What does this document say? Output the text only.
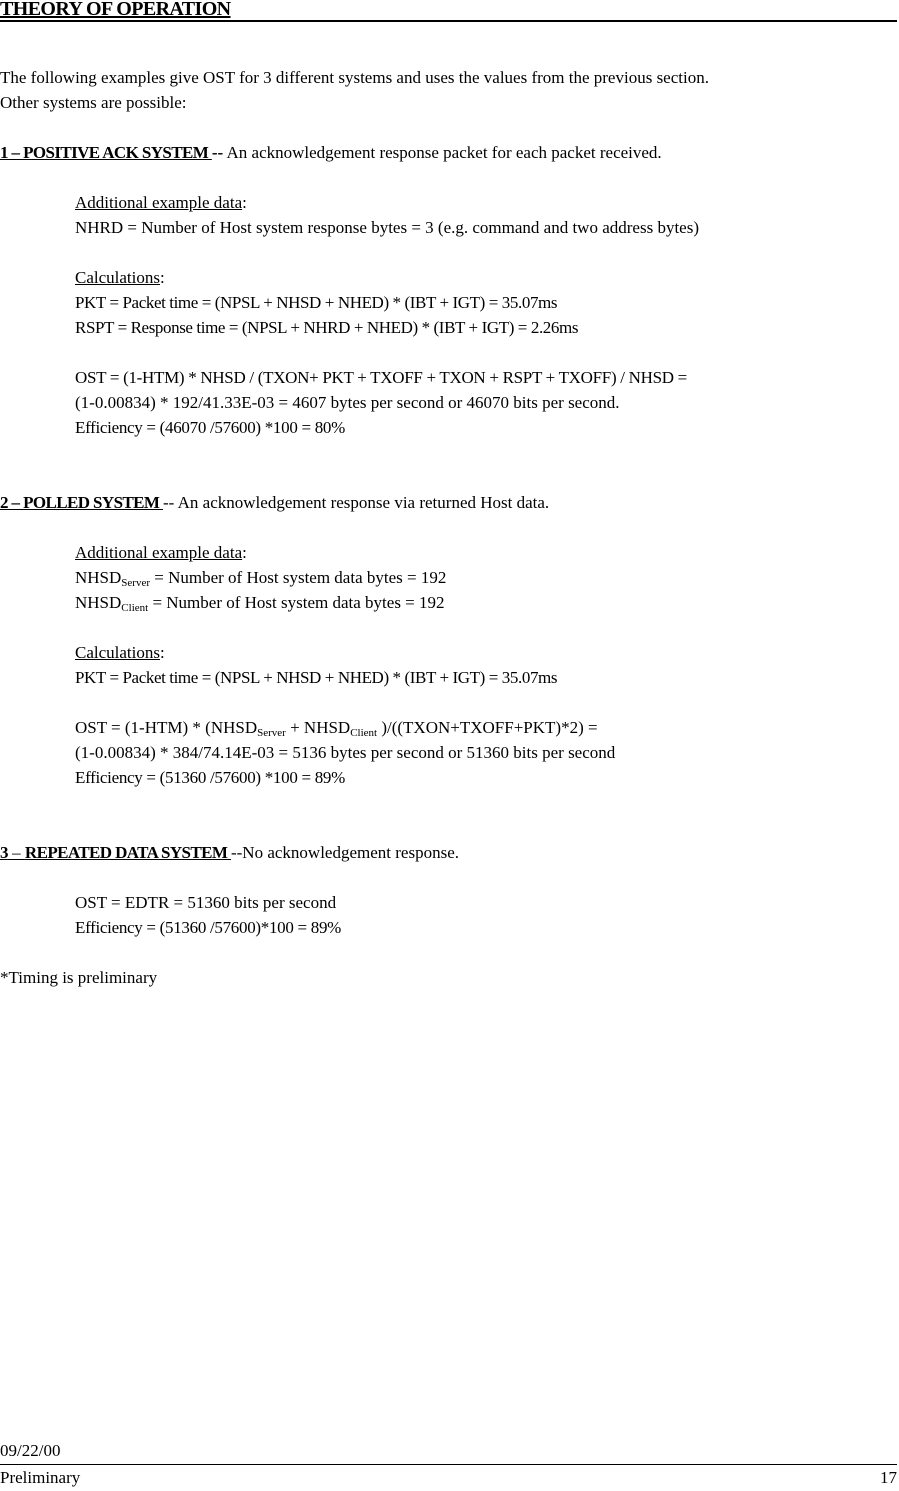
THEORY OF OPERATION
The following examples give OST for 3 different systems and uses the values from the previous section.
Other systems are possible:
1 – POSITIVE ACK SYSTEM -- An acknowledgement response packet for each packet received.
Additional example data:
NHRD = Number of Host system response bytes = 3 (e.g. command and two address bytes)
Calculations:
PKT = Packet time = (NPSL + NHSD + NHED) * (IBT + IGT) = 35.07ms
RSPT = Response time = (NPSL + NHRD + NHED) * (IBT + IGT) = 2.26ms
OST = (1-HTM) * NHSD / (TXON+ PKT + TXOFF + TXON + RSPT + TXOFF) / NHSD =
(1-0.00834) * 192/41.33E-03 = 4607 bytes per second or 46070 bits per second.
Efficiency = (46070 /57600) *100 = 80%
2 – POLLED SYSTEM -- An acknowledgement response via returned Host data.
Additional example data:
$NHSD_{Server}$ = Number of Host system data bytes = 192
$NHSD_{Client}$ = Number of Host system data bytes = 192
Calculations:
PKT = Packet time = (NPSL + NHSD + NHED) * (IBT + IGT) = 35.07ms
OST = $(1-HTM) * (NHSD_{Server}$ + $NHSD_{Client}$ )/((TXON+TXOFF+PKT)*2) =
(1-0.00834) * 384/74.14E-03 = 5136 bytes per second or 51360 bits per second
Efficiency = (51360 /57600) *100 = 89%
3 – REPEATED DATA SYSTEM --No acknowledgement response.
OST = EDTR = 51360 bits per second
Efficiency = (51360 /57600)*100 = 89%
*Timing is preliminary
09/22/00
Preliminary	17
